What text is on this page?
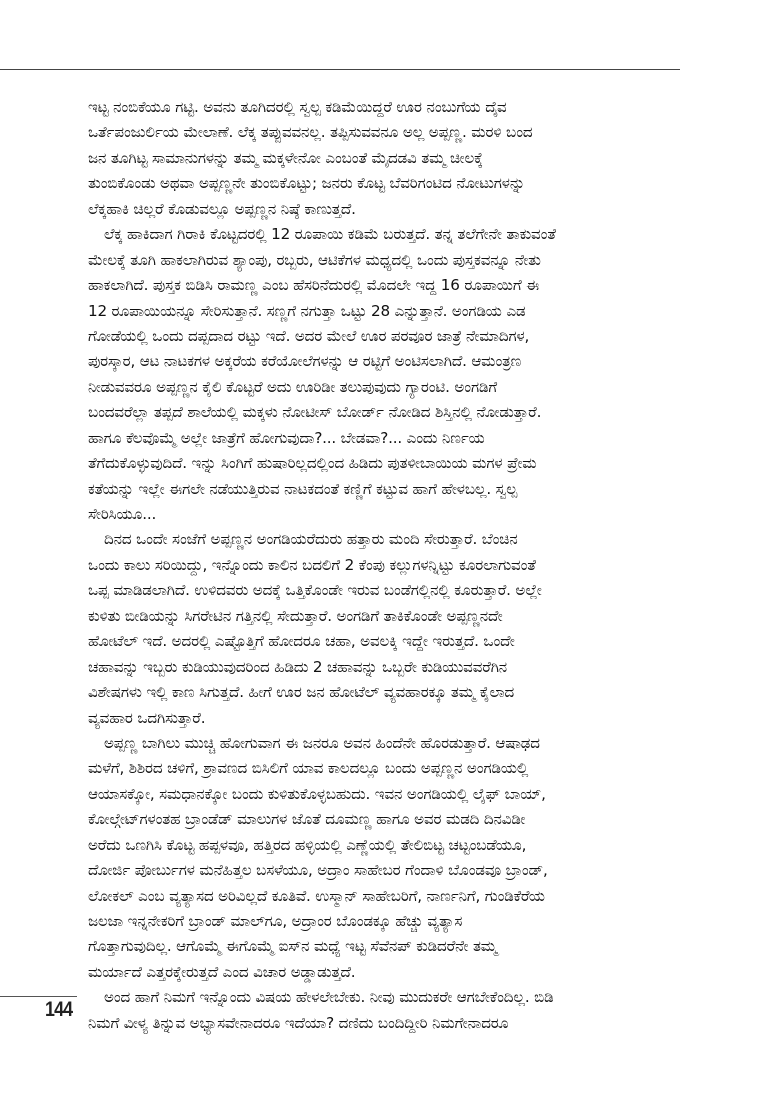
ಇಟ್ಟ ನಂಬಿಕೆಯೂ ಗಟ್ಟಿ. ಅವನು ತೂಗಿದರಲ್ಲಿ ಸ್ವಲ್ಪ ಕಡಿಮೆಯಿದ್ದರೆ ಊರ ನಂಬುಗೆಯ ದೈವ
ಒರ್ತೆಪಂಜುರ್ಲಿಯ ಮೇಲಾಣೆ. ಲೆಕ್ಕ ತಪ್ಪುವವನಲ್ಲ. ತಪ್ಪಿಸುವವನೂ ಅಲ್ಲ ಅಪ್ಪಣ್ಣ. ಮರಳಿ ಬಂದ
ಜನ ತೂಗಿಟ್ಟ ಸಾಮಾನುಗಳನ್ನು ತಮ್ಮ ಮಕ್ಕಳೇನೋ ಎಂಬಂತೆ ಮೈದಡವಿ ತಮ್ಮ ಚೀಲಕ್ಕೆ
ತುಂಬಿಕೊಂಡು ಅಥವಾ ಅಪ್ಪಣ್ಣನೇ ತುಂಬಿಕೊಟ್ಟು; ಜನರು ಕೊಟ್ಟ ಬೆವರಿಗಂಟಿದ ನೋಟುಗಳನ್ನು
ಲೆಕ್ಕಹಾಕಿ ಚಿಲ್ಲರೆ ಕೊಡುವಲ್ಲೂ ಅಪ್ಪಣ್ಣನ ನಿಷ್ಠೆ ಕಾಣುತ್ತದೆ.
ಲೆಕ್ಕ ಹಾಕಿದಾಗ ಗಿರಾಕಿ ಕೊಟ್ಟದರಲ್ಲಿ 12 ರೂಪಾಯಿ ಕಡಿಮೆ ಬರುತ್ತದೆ. ತನ್ನ ತಲೆಗೇನೇ ತಾಕುವಂತೆ
ಮೇಲಕ್ಕೆ ತೂಗಿ ಹಾಕಲಾಗಿರುವ ಶ್ಯಾಂಪು, ರಬ್ಬರು, ಆಟಿಕೆಗಳ ಮಧ್ಯದಲ್ಲಿ ಒಂದು ಪುಸ್ತಕವನ್ನೂ ನೇತು
ಹಾಕಲಾಗಿದೆ. ಪುಸ್ತಕ ಬಿಡಿಸಿ ರಾಮಣ್ಣ ಎಂಬ ಹೆಸರಿನೆದುರಲ್ಲಿ ಮೊದಲೇ ಇದ್ದ 16 ರೂಪಾಯಿಗೆ ಈ
12 ರೂಪಾಯಿಯನ್ನೂ ಸೇರಿಸುತ್ತಾನೆ. ಸಣ್ಣಗೆ ನಗುತ್ತಾ ಒಟ್ಟು 28 ಎನ್ನುತ್ತಾನೆ. ಅಂಗಡಿಯ ಎಡ
ಗೋಡೆಯಲ್ಲಿ ಒಂದು ದಪ್ಪದಾದ ರಟ್ಟು ಇದೆ. ಅದರ ಮೇಲೆ ಊರ ಪರವೂರ ಜಾತ್ರೆ ನೇಮಾದಿಗಳ,
ಪುರಸ್ಕಾರ, ಆಟ ನಾಟಕಗಳ ಅಕ್ಕರೆಯ ಕರೆಯೋಲೆಗಳನ್ನು ಆ ರಟ್ಟಿಗೆ ಅಂಟಿಸಲಾಗಿದೆ. ಆಮಂತ್ರಣ
ನೀಡುವವರೂ ಅಪ್ಪಣ್ಣನ ಕೈಲಿ ಕೊಟ್ಟರೆ ಅದು ಊರಿಡೀ ತಲುಪುವುದು ಗ್ಯಾರಂಟಿ. ಅಂಗಡಿಗೆ
ಬಂದವರೆಲ್ಲಾ ತಪ್ಪದೆ ಶಾಲೆಯಲ್ಲಿ ಮಕ್ಕಳು ನೋಟೀಸ್ ಬೋರ್ಡ್ ನೋಡಿದ ಶಿಸ್ತಿನಲ್ಲಿ ನೋಡುತ್ತಾರೆ.
ಹಾಗೂ ಕೆಲವೊಮ್ಮೆ ಅಲ್ಲೇ ಜಾತ್ರೆಗೆ ಹೋಗುವುದಾ?... ಬೇಡವಾ?... ಎಂದು ನಿರ್ಣಯ
ತೆಗೆದುಕೊಳ್ಳುವುದಿದೆ. ಇನ್ನು ಸಿಂಗಿಗೆ ಹುಷಾರಿಲ್ಲದಲ್ಲಿಂದ ಹಿಡಿದು ಪುತಳೀಬಾಯಿಯ ಮಗಳ ಪ್ರೇಮ
ಕತೆಯನ್ನು ಇಲ್ಲೇ ಈಗಲೇ ನಡೆಯುತ್ತಿರುವ ನಾಟಕದಂತೆ ಕಣ್ಣಿಗೆ ಕಟ್ಟುವ ಹಾಗೆ ಹೇಳಬಲ್ಲ. ಸ್ವಲ್ಪ
ಸೇರಿಸಿಯೂ...
ದಿನದ ಒಂದೇ ಸಂಜೆಗೆ ಅಪ್ಪಣ್ಣನ ಅಂಗಡಿಯರೆದುರು ಹತ್ತಾರು ಮಂದಿ ಸೇರುತ್ತಾರೆ. ಬೆಂಚಿನ
ಒಂದು ಕಾಲು ಸರಿಯಿದ್ದು, ಇನ್ನೊಂದು ಕಾಲಿನ ಬದಲಿಗೆ 2 ಕೆಂಪು ಕಲ್ಲುಗಳನ್ನಿಟ್ಟು ಕೂರಲಾಗುವಂತೆ
ಒಪ್ಪ ಮಾಡಿಡಲಾಗಿದೆ. ಉಳಿದವರು ಅದಕ್ಕೆ ಒತ್ತಿಕೊಂಡೇ ಇರುವ ಬಂಡೆಗಲ್ಲಿನಲ್ಲಿ ಕೂರುತ್ತಾರೆ. ಅಲ್ಲೇ
ಕುಳಿತು ಬೀಡಿಯನ್ನು ಸಿಗರೇಟಿನ ಗತ್ತಿನಲ್ಲಿ ಸೇದುತ್ತಾರೆ. ಅಂಗಡಿಗೆ ತಾಕಿಕೊಂಡೇ ಅಪ್ಪಣ್ಣನದೇ
ಹೋಟೆಲ್ ಇದೆ. ಅದರಲ್ಲಿ ಎಷ್ಟೊತ್ತಿಗೆ ಹೋದರೂ ಚಹಾ, ಅವಲಕ್ಕಿ ಇದ್ದೇ ಇರುತ್ತದೆ. ಒಂದೇ
ಚಹಾವನ್ನು ಇಬ್ಬರು ಕುಡಿಯುವುದರಿಂದ ಹಿಡಿದು 2 ಚಹಾವನ್ನು ಒಬ್ಬರೇ ಕುಡಿಯುವವರೆಗಿನ
ವಿಶೇಷಗಳು ಇಲ್ಲಿ ಕಾಣ ಸಿಗುತ್ತದೆ. ಹೀಗೆ ಊರ ಜನ ಹೋಟೆಲ್ ವ್ಯವಹಾರಕ್ಕೂ ತಮ್ಮ ಕೈಲಾದ
ವ್ಯವಹಾರ ಒದಗಿಸುತ್ತಾರೆ.
ಅಪ್ಪಣ್ಣ ಬಾಗಿಲು ಮುಚ್ಚಿ ಹೋಗುವಾಗ ಈ ಜನರೂ ಅವನ ಹಿಂದೆನೇ ಹೊರಡುತ್ತಾರೆ. ಆಷಾಢದ
ಮಳೆಗೆ, ಶಿಶಿರದ ಚಳಿಗೆ, ಶ್ರಾವಣದ ಬಿಸಿಲಿಗೆ ಯಾವ ಕಾಲದಲ್ಲೂ ಬಂದು ಅಪ್ಪಣ್ಣನ ಅಂಗಡಿಯಲ್ಲಿ
ಆಯಾಸಕ್ಕೋ, ಸಮಧಾನಕ್ಕೋ ಬಂದು ಕುಳಿತುಕೊಳ್ಳಬಹುದು. ಇವನ ಅಂಗಡಿಯಲ್ಲಿ ಲೈಫ್ ಬಾಯ್,
ಕೋಲ್ಗೇಟ್‌ಗಳಂತಹ ಬ್ರಾಂಡೆಡ್ ಮಾಲುಗಳ ಜೊತೆ ದೂಮಣ್ಣ ಹಾಗೂ ಅವರ ಮಡದಿ ದಿನವಿಡೀ
ಅರೆದು ಒಣಗಿಸಿ ಕೊಟ್ಟ ಹಪ್ಪಳವೂ, ಹತ್ತಿರದ ಹಳ್ಳಿಯಲ್ಲಿ ಎಣ್ಣೆಯಲ್ಲಿ ತೇಲಿಬಿಟ್ಟ ಚಟ್ಟಂಬಡೆಯೂ,
ದೋರ್ಜಿ ಪೋರ್ಬುಗಳ ಮನೆಹಿತ್ತಲ ಬಸಳೆಯೂ, ಅದ್ರಾಂ ಸಾಹೇಬರ ಗೆಂದಾಳಿ ಬೊಂಡವೂ ಬ್ರಾಂಡ್,
ಲೋಕಲ್ ಎಂಬ ವ್ಯತ್ಯಾಸದ ಅರಿವಿಲ್ಲದೆ ಕೂತಿವೆ. ಉಸ್ಮಾನ್ ಸಾಹೇಬರಿಗೆ, ನಾರ್ಣನಿಗೆ, ಗುಂಡಿಕೆರೆಯ
ಜಲಜಾ ಇನ್ನನೇಕರಿಗೆ ಬ್ರಾಂಡ್ ಮಾಲ್‌ಗೂ, ಅದ್ರಾಂರ ಬೊಂಡಕ್ಕೂ ಹೆಚ್ಚು ವ್ಯತ್ಯಾಸ
ಗೊತ್ತಾಗುವುದಿಲ್ಲ. ಆಗೊಮ್ಮೆ ಈಗೊಮ್ಮೆ ಐಸ್‌ನ ಮಧ್ಯೆ ಇಟ್ಟ ಸೆವೆನಪ್ ಕುಡಿದರೆನೇ ತಮ್ಮ
ಮರ್ಯಾದೆ ಎತ್ತರಕ್ಕೇರುತ್ತದೆ ಎಂದ ವಿಚಾರ ಅಡ್ಡಾಡುತ್ತದೆ.
ಅಂದ ಹಾಗೆ ನಿಮಗೆ ಇನ್ನೊಂದು ವಿಷಯ ಹೇಳಲೇಬೇಕು. ನೀವು ಮುದುಕರೇ ಆಗಬೇಕೆಂದಿಲ್ಲ. ಬಿಡಿ
ನಿಮಗೆ ವೀಳ್ಯ ತಿನ್ನುವ ಅಭ್ಯಾಸವೇನಾದರೂ ಇದೆಯಾ? ದಣಿದು ಬಂದಿದ್ದೀರಿ ನಿಮಗೇನಾದರೂ
144
